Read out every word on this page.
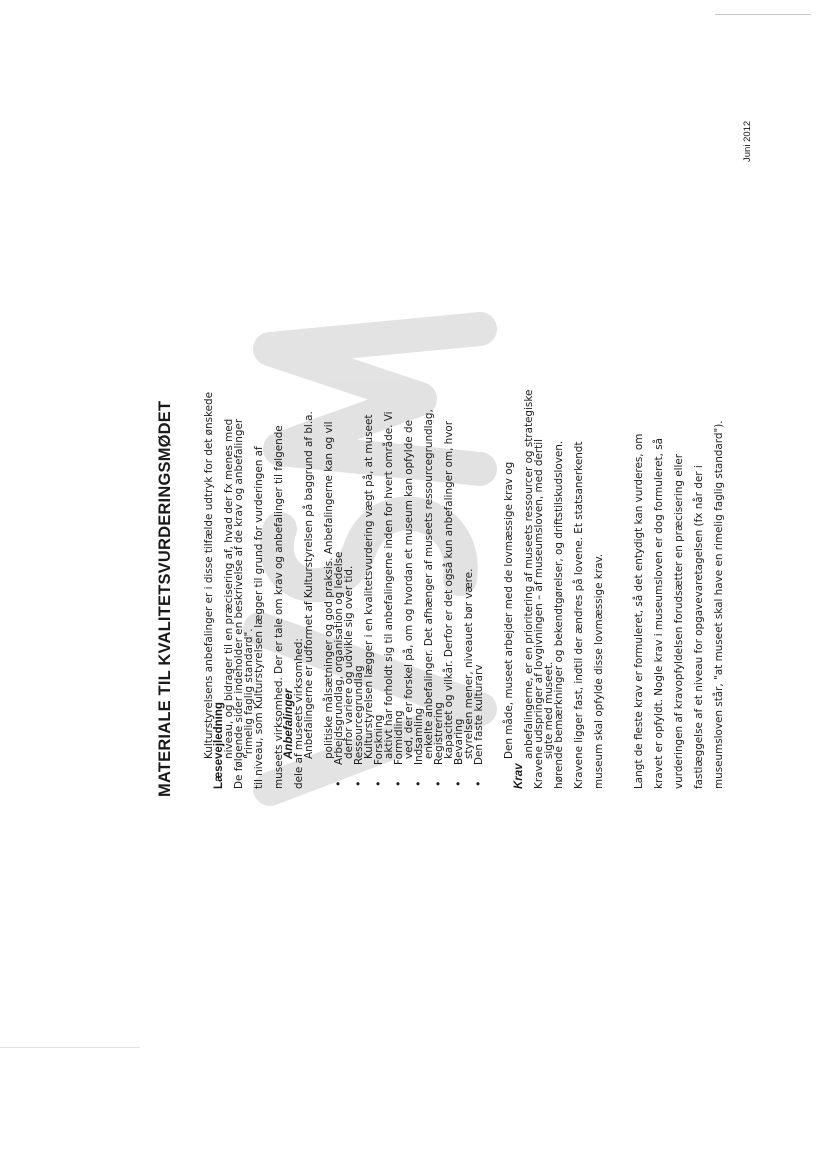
MATERIALE TIL KVALITETSVURDERINGSMØDET	Læsevejledning De følgende sider indeholder en beskrivelse af de krav og anbefalinger til niveau, som Kulturstyrelsen lægger til grund for vurderingen af museets virksomhed. Der er tale om krav og anbefalinger til følgende dele af museets virksomhed:	• Arbejdsgrundlag, organisation og ledelse • Ressourcegrundlag • Forskning • Formidling • Indsamling • Registrering • Bevaring • Den faste kulturarv
Krav Kravene udspringer af lovgivningen – af museumsloven, med dertil hørende bemærkninger og bekendtgørelser, og driftstilskudsloven. Kravene ligger fast, indtil der ændres på lovene. Et statsanerkendt museum skal opfylde disse lovmæssige krav.	Langt de fleste krav er formuleret, så det entydigt kan vurderes, om kravet er opfyldt. Nogle krav i museumsloven er dog formuleret, så vurderingen af kravopfyldelsen forudsætter en præcisering eller fastlæggelse af et niveau for opgavevaretagelsen (fx når der i museumsloven står, "at museet skal have en rimelig faglig standard").

Kulturstyrelsens anbefalinger er i disse tilfælde udtryk for det ønskede niveau, og bidrager til en præcisering af, hvad der fx menes med "rimelig faglig standard".	Anbefalinger Anbefalingerne er udformet af Kulturstyrelsen på baggrund af bl.a. politiske målsætninger og god praksis. Anbefalingerne kan og vil derfor variere og udvikle sig over tid. Kulturstyrelsen lægger i en kvalitetsvurdering vægt på, at museet aktivt har forholdt sig til anbefalingerne inden for hvert område. Vi ved, der er forskel på, om og hvordan et museum kan opfylde de enkelte anbefalinger. Det afhænger af museets ressourcegrundlag, kapacitet og vilkår. Derfor er det også kun anbefalinger om, hvor styrelsen mener, niveauet bør være.	Den måde, museet arbejder med de lovmæssige krav og anbefalingerne, er en prioritering af museets ressourcer og strategiske sigte med museet.

Juni 2012
